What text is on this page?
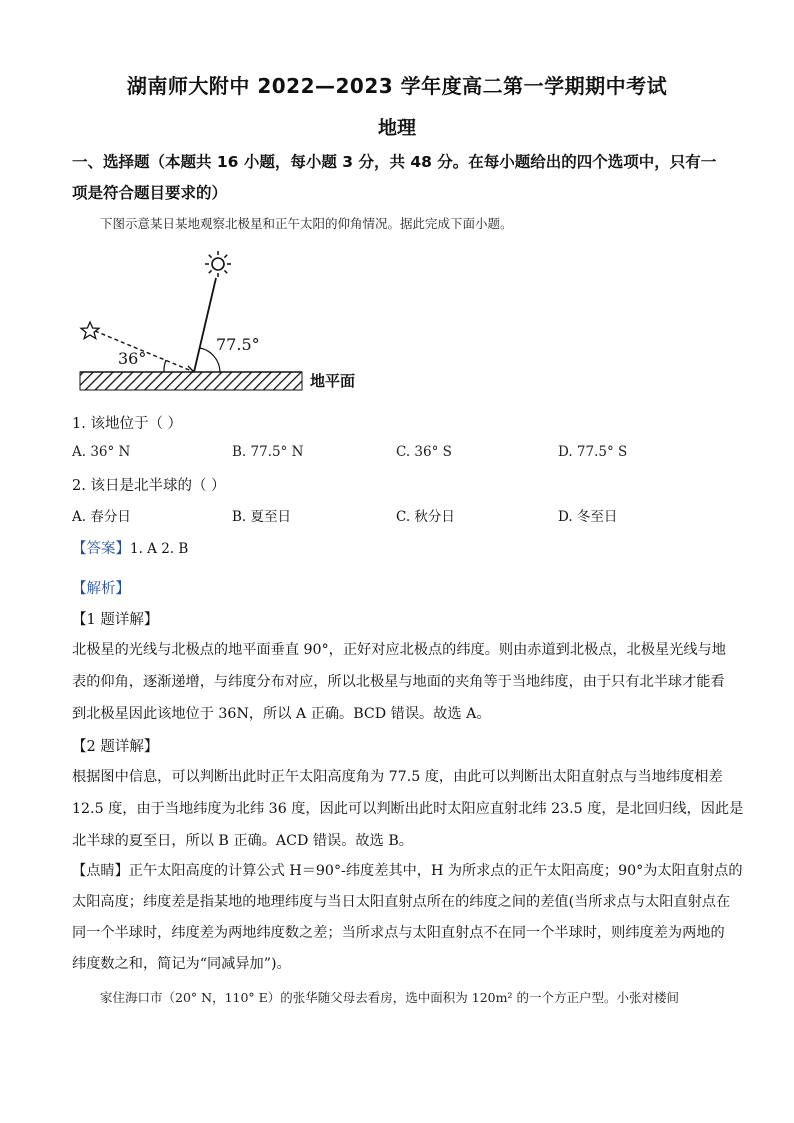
湖南师大附中 2022—2023 学年度高二第一学期期中考试
地理
一、选择题（本题共 16 小题，每小题 3 分，共 48 分。在每小题给出的四个选项中，只有一
项是符合题目要求的）
下图示意某日某地观察北极星和正午太阳的仰角情况。据此完成下面小题。
36°
77.5°
地平面
1. 该地位于（ ）
A. 36° N	B. 77.5° N	C. 36° S	D. 77.5° S
2. 该日是北半球的（ ）
A. 春分日	B. 夏至日	C. 秋分日	D. 冬至日
【答案】1. A 2. B
【解析】
【1 题详解】
北极星的光线与北极点的地平面垂直 90°，正好对应北极点的纬度。则由赤道到北极点，北极星光线与地
表的仰角，逐渐递增，与纬度分布对应，所以北极星与地面的夹角等于当地纬度，由于只有北半球才能看
到北极星因此该地位于 36N，所以 A 正确。BCD 错误。故选 A。
【2 题详解】
根据图中信息，可以判断出此时正午太阳高度角为 77.5 度，由此可以判断出太阳直射点与当地纬度相差
12.5 度，由于当地纬度为北纬 36 度，因此可以判断出此时太阳应直射北纬 23.5 度，是北回归线，因此是
北半球的夏至日，所以 B 正确。ACD 错误。故选 B。
【点睛】正午太阳高度的计算公式 H＝90°-纬度差其中，H 为所求点的正午太阳高度；90°为太阳直射点的
太阳高度；纬度差是指某地的地理纬度与当日太阳直射点所在的纬度之间的差值(当所求点与太阳直射点在
同一个半球时，纬度差为两地纬度数之差；当所求点与太阳直射点不在同一个半球时，则纬度差为两地的
纬度数之和，简记为“同减异加”)。
家住海口市（20° N，110° E）的张华随父母去看房，选中面积为 120m² 的一个方正户型。小张对楼间
